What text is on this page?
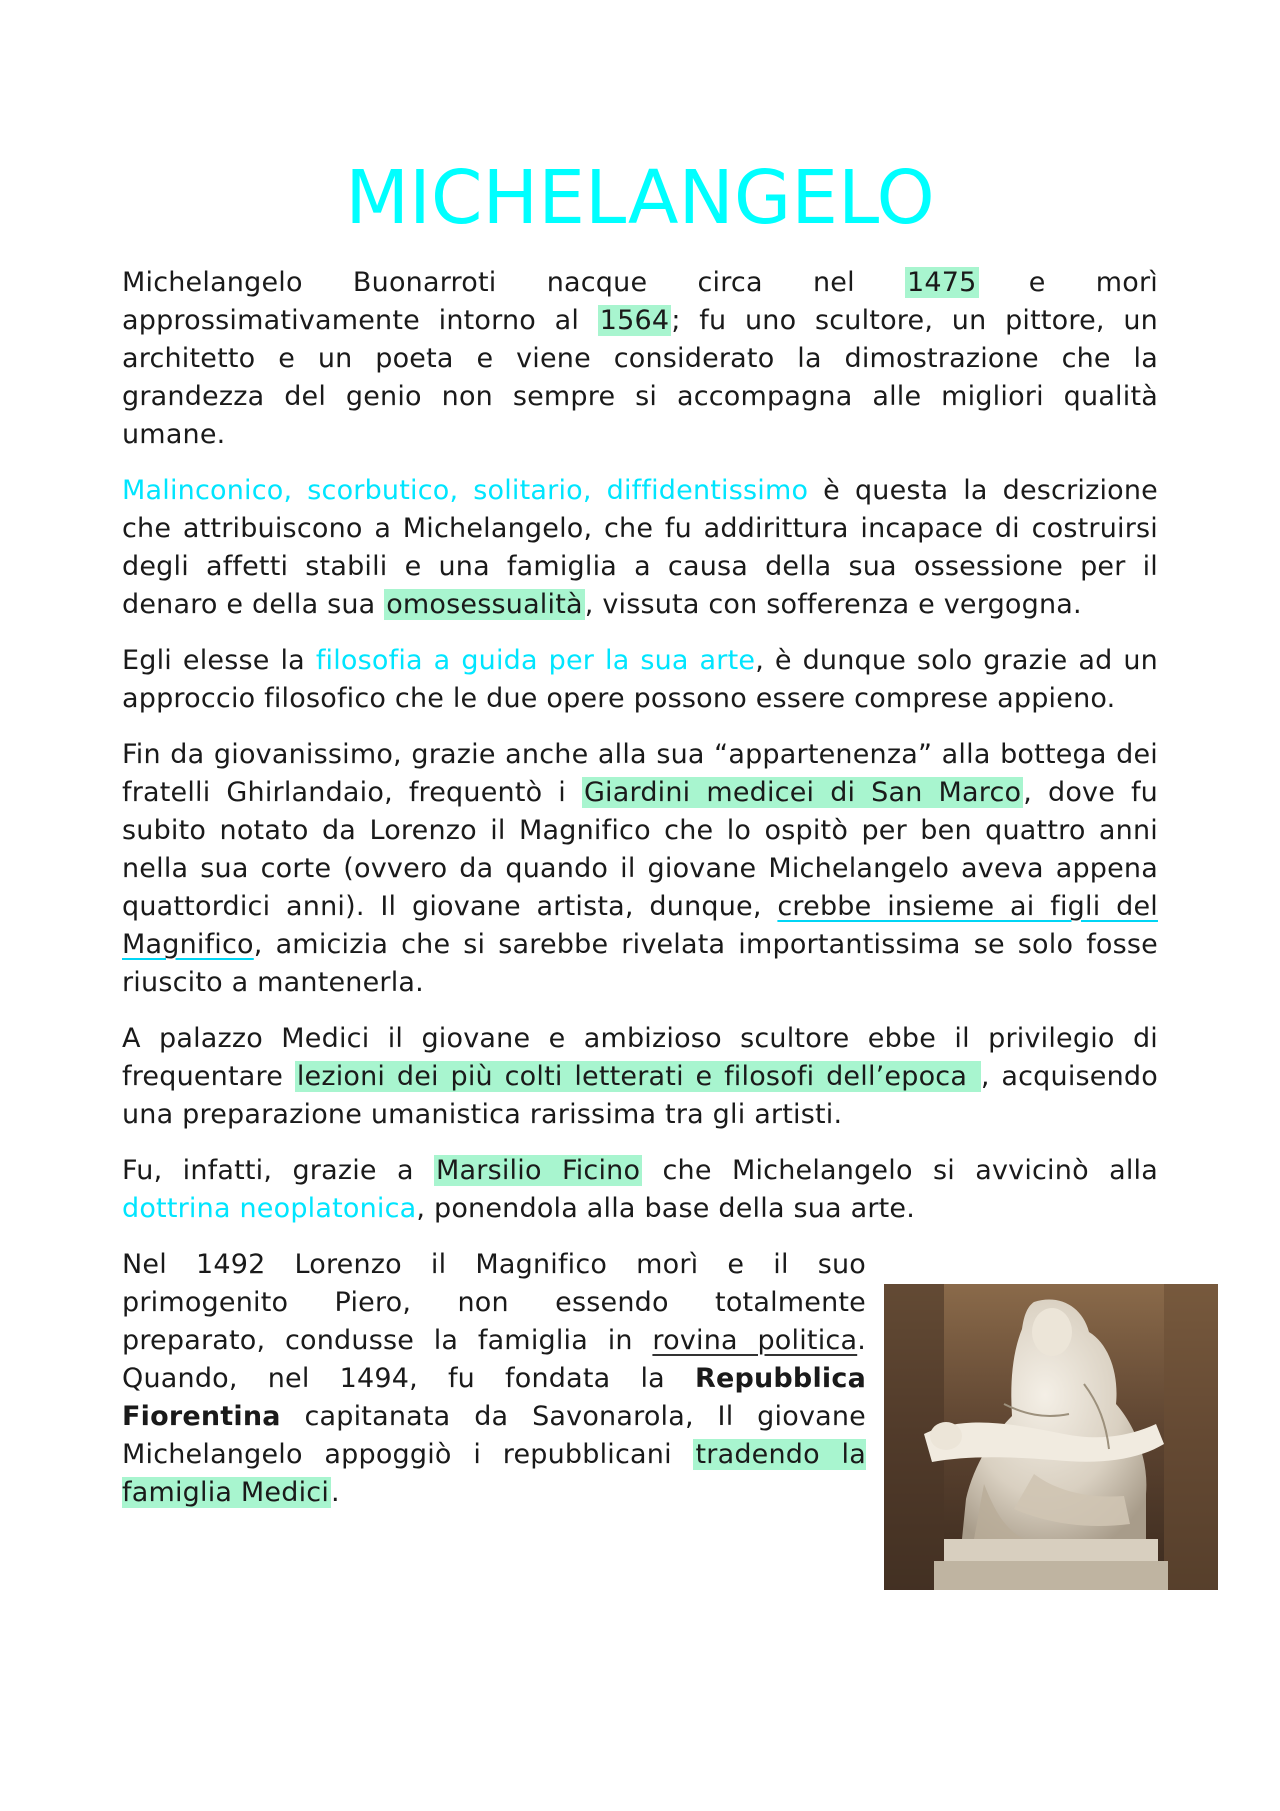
MICHELANGELO

Michelangelo Buonarroti nacque circa nel 1475 e morì approssimativamente intorno al 1564; fu uno scultore, un pittore, un architetto e un poeta e viene considerato la dimostrazione che la grandezza del genio non sempre si accompagna alle migliori qualità umane.

Malinconico, scorbutico, solitario, diffidentissimo è questa la descrizione che attribuiscono a Michelangelo, che fu addirittura incapace di costruirsi degli affetti stabili e una famiglia a causa della sua ossessione per il denaro e della sua omosessualità, vissuta con sofferenza e vergogna.

Egli elesse la filosofia a guida per la sua arte, è dunque solo grazie ad un approccio filosofico che le due opere possono essere comprese appieno.

Fin da giovanissimo, grazie anche alla sua “appartenenza” alla bottega dei fratelli Ghirlandaio, frequentò i Giardini medicei di San Marco, dove fu subito notato da Lorenzo il Magnifico che lo ospitò per ben quattro anni nella sua corte (ovvero da quando il giovane Michelangelo aveva appena quattordici anni). Il giovane artista, dunque, crebbe insieme ai figli del Magnifico, amicizia che si sarebbe rivelata importantissima se solo fosse riuscito a mantenerla.

A palazzo Medici il giovane e ambizioso scultore ebbe il privilegio di frequentare lezioni dei più colti letterati e filosofi dell’epoca , acquisendo una preparazione umanistica rarissima tra gli artisti.

Fu, infatti, grazie a Marsilio Ficino che Michelangelo si avvicinò alla dottrina neoplatonica, ponendola alla base della sua arte.

Nel 1492 Lorenzo il Magnifico morì e il suo primogenito Piero, non essendo totalmente preparato, condusse la famiglia in rovina politica. Quando, nel 1494, fu fondata la Repubblica Fiorentina capitanata da Savonarola, Il giovane Michelangelo appoggiò i repubblicani tradendo la famiglia Medici.
